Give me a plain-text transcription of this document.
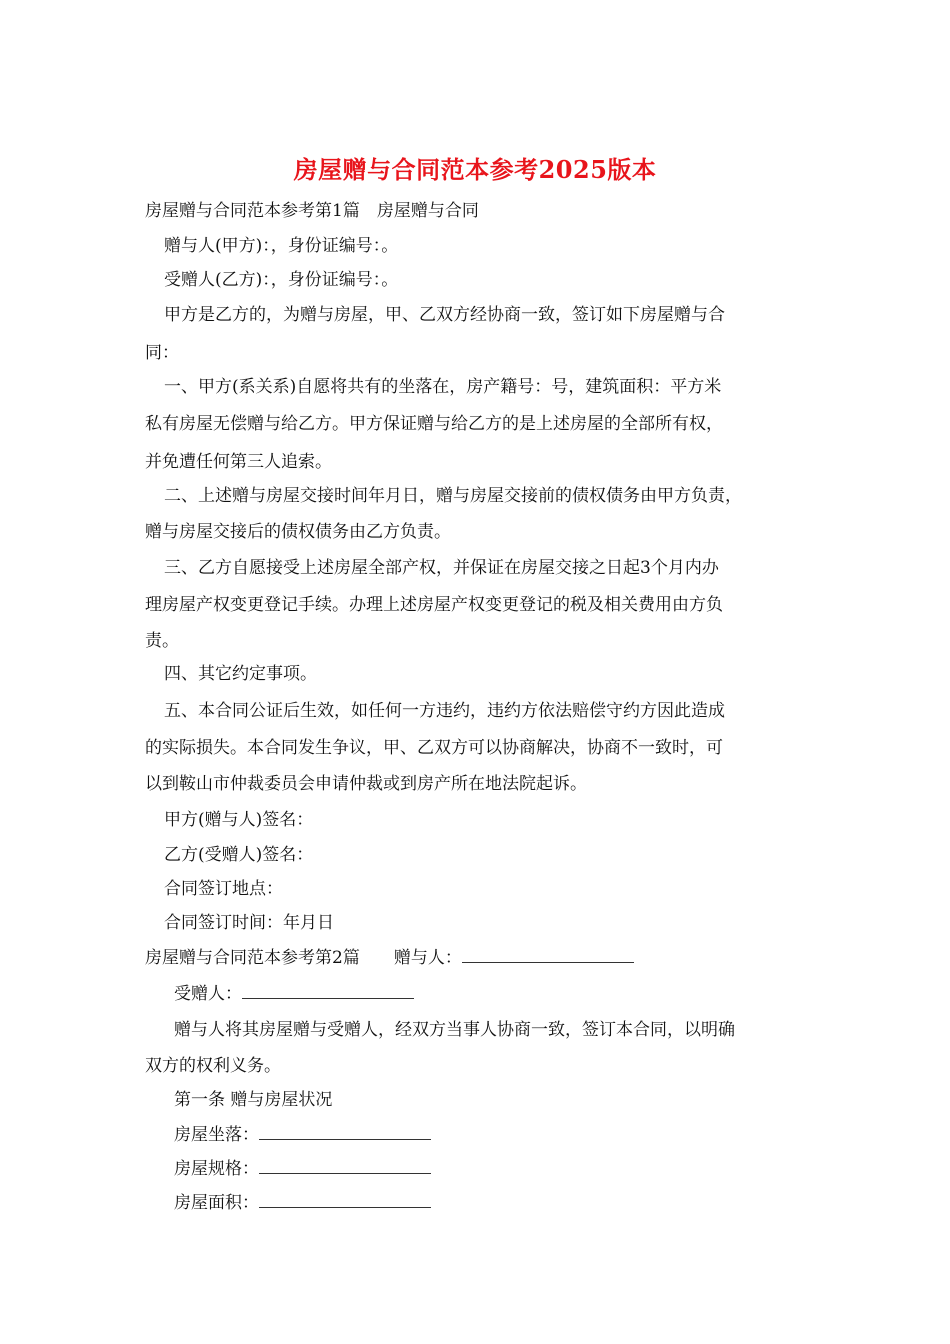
房屋赠与合同范本参考2025版本
房屋赠与合同范本参考第1篇　房屋赠与合同
赠与人(甲方)：，身份证编号：。
受赠人(乙方)：，身份证编号：。
甲方是乙方的，为赠与房屋，甲、乙双方经协商一致，签订如下房屋赠与合
同：
一、甲方(系关系)自愿将共有的坐落在，房产籍号：号，建筑面积：平方米
私有房屋无偿赠与给乙方。甲方保证赠与给乙方的是上述房屋的全部所有权，
并免遭任何第三人追索。
二、上述赠与房屋交接时间年月日，赠与房屋交接前的债权债务由甲方负责，
赠与房屋交接后的债权债务由乙方负责。
三、乙方自愿接受上述房屋全部产权，并保证在房屋交接之日起3个月内办
理房屋产权变更登记手续。办理上述房屋产权变更登记的税及相关费用由方负
责。
四、其它约定事项。
五、本合同公证后生效，如任何一方违约，违约方依法赔偿守约方因此造成
的实际损失。本合同发生争议，甲、乙双方可以协商解决，协商不一致时，可
以到鞍山市仲裁委员会申请仲裁或到房产所在地法院起诉。
甲方(赠与人)签名：
乙方(受赠人)签名：
合同签订地点：
合同签订时间：年月日
房屋赠与合同范本参考第2篇　　赠与人：
受赠人：
赠与人将其房屋赠与受赠人，经双方当事人协商一致，签订本合同，以明确
双方的权利义务。
第一条 赠与房屋状况
房屋坐落：
房屋规格：
房屋面积：
